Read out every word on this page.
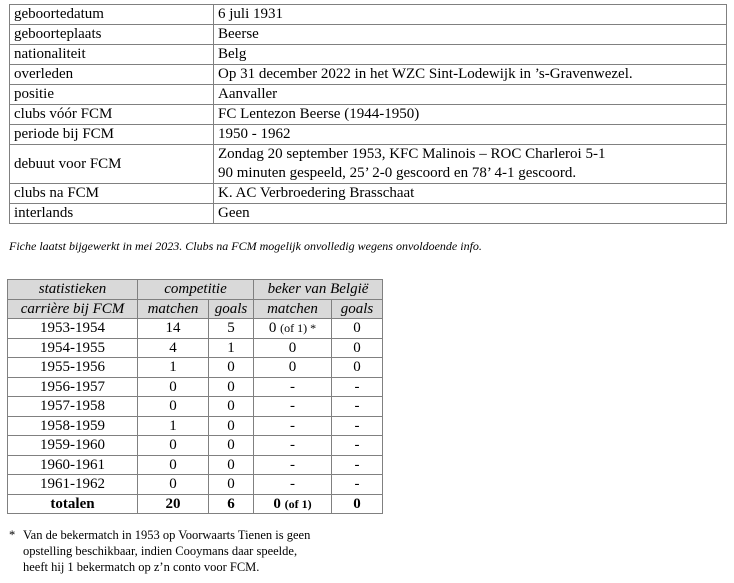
geboortedatum	6 juli 1931
geboorteplaats	Beerse
nationaliteit	Belg
overleden	Op 31 december 2022 in het WZC Sint-Lodewijk in ’s-Gravenwezel.
positie	Aanvaller
clubs vóór FCM	FC Lentezon Beerse (1944-1950)
periode bij FCM	1950 - 1962
debuut voor FCM	Zondag 20 september 1953, KFC Malinois – ROC Charleroi 5-1
90 minuten gespeeld, 25’ 2-0 gescoord en 78’ 4-1 gescoord.

clubs na FCM	K. AC Verbroedering Brasschaat
interlands	Geen
Fiche laatst bijgewerkt in mei 2023. Clubs na FCM mogelijk onvolledig wegens onvoldoende info.
statistieken	competitie		beker van België	
carrière bij FCM	matchen	goals	matchen	goals
1953-1954	14	5	0 (of 1) *	0
1954-1955	4	1	0	0
1955-1956	1	0	0	0
1956-1957	0	0	-	-
1957-1958	0	0	-	-
1958-1959	1	0	-	-
1959-1960	0	0	-	-
1960-1961	0	0	-	-
1961-1962	0	0	-	-
totalen	20	6	0 (of 1)	0
* Van de bekermatch in 1953 op Voorwaarts Tienen is geen
opstelling beschikbaar, indien Cooymans daar speelde,
heeft hij 1 bekermatch op z’n conto voor FCM.
